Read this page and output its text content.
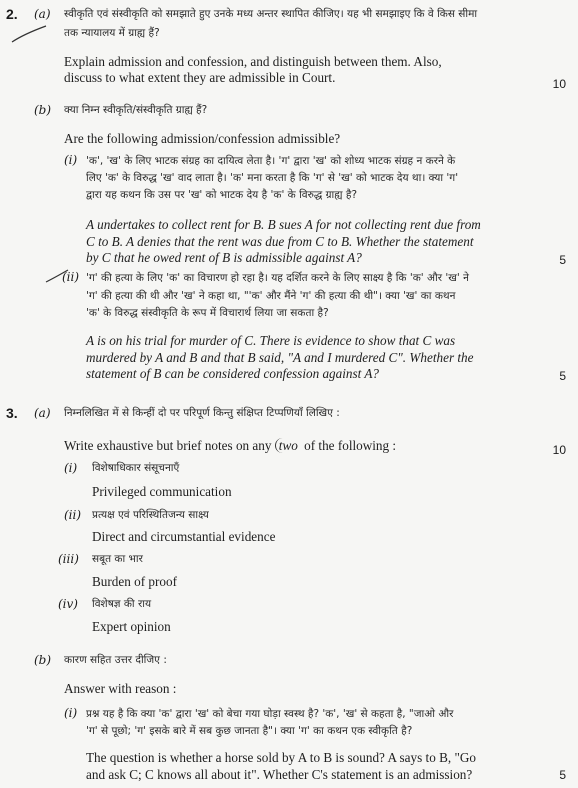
2. (a) स्वीकृति एवं संस्वीकृति को समझाते हुए उनके मध्य अन्तर स्थापित कीजिए। यह भी समझाइए कि वे किस सीमा
तक न्यायालय में ग्राह्य हैं?
Explain admission and confession, and distinguish between them. Also,
discuss to what extent they are admissible in Court.	10
(b) क्या निम्न स्वीकृति/संस्वीकृति ग्राह्य हैं?
Are the following admission/confession admissible?
(i) 'क', 'ख' के लिए भाटक संग्रह का दायित्व लेता है। 'ग' द्वारा 'ख' को शोध्य भाटक संग्रह न करने के
लिए 'क' के विरुद्ध 'ख' वाद लाता है। 'क' मना करता है कि 'ग' से 'ख' को भाटक देय था। क्या 'ग'
द्वारा यह कथन कि उस पर 'ख' को भाटक देय है 'क' के विरुद्ध ग्राह्य है?
A undertakes to collect rent for B. B sues A for not collecting rent due from
C to B. A denies that the rent was due from C to B. Whether the statement
by C that he owed rent of B is admissible against A?	5
(ii) 'ग' की हत्या के लिए 'क' का विचारण हो रहा है। यह दर्शित करने के लिए साक्ष्य है कि 'क' और 'ख' ने
'ग' की हत्या की थी और 'ख' ने कहा था, "'क' और मैंने 'ग' की हत्या की थी"। क्या 'ख' का कथन
'क' के विरुद्ध संस्वीकृति के रूप में विचारार्थ लिया जा सकता है?
A is on his trial for murder of C. There is evidence to show that C was
murdered by A and B and that B said, "A and I murdered C". Whether the
statement of B can be considered confession against A?	5
3. (a) निम्नलिखित में से किन्हीं दो पर परिपूर्ण किन्तु संक्षिप्त टिप्पणियाँ लिखिए :
Write exhaustive but brief notes on any two of the following :	10
(i) विशेषाधिकार संसूचनाएँ
Privileged communication
(ii) प्रत्यक्ष एवं परिस्थितिजन्य साक्ष्य
Direct and circumstantial evidence
(iii) सबूत का भार
Burden of proof
(iv) विशेषज्ञ की राय
Expert opinion
(b) कारण सहित उत्तर दीजिए :
Answer with reason :
(i) प्रश्न यह है कि क्या 'क' द्वारा 'ख' को बेचा गया घोड़ा स्वस्थ है? 'क', 'ख' से कहता है, "जाओ और
'ग' से पूछो; 'ग' इसके बारे में सब कुछ जानता है"। क्या 'ग' का कथन एक स्वीकृति है?
The question is whether a horse sold by A to B is sound? A says to B, "Go
and ask C; C knows all about it". Whether C's statement is an admission?	5
